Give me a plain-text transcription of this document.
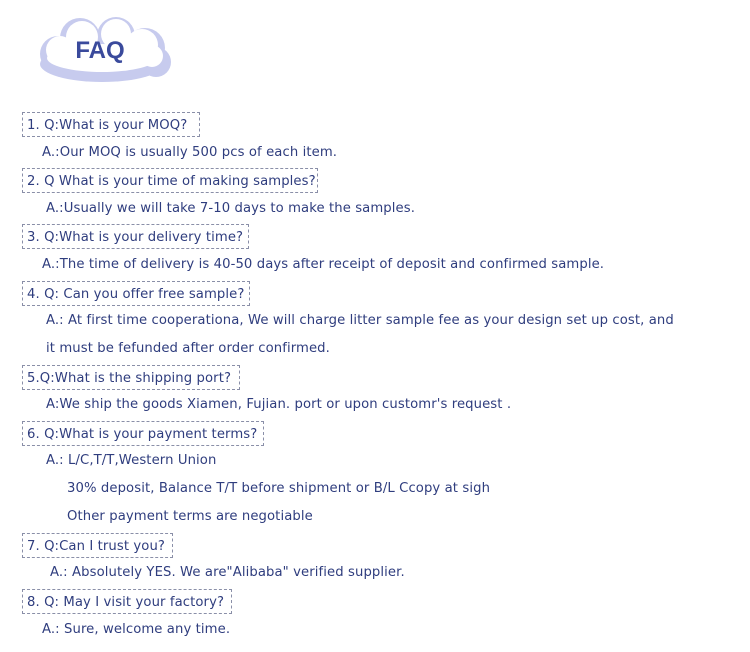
FAQ
1. Q:What is your MOQ?
A.:Our MOQ is usually 500 pcs of each item.
2. Q What is your time of making samples?
A.:Usually we will take 7-10 days to make the samples.
3. Q:What is your delivery time?
A.:The time of delivery is 40-50 days after receipt of deposit and confirmed sample.
4. Q: Can you offer free sample?
A.: At first time cooperationa, We will charge litter sample fee as your design set up cost, and
it must be fefunded after order confirmed.
5.Q:What is the shipping port?
A:We ship the goods Xiamen, Fujian. port or upon customr's request .
6. Q:What is your payment terms?
A.: L/C,T/T,Western Union
30% deposit, Balance T/T before shipment or B/L Ccopy at sigh
Other payment terms are negotiable
7. Q:Can I trust you?
A.: Absolutely YES. We are"Alibaba" verified supplier.
8. Q: May I visit your factory?
A.: Sure, welcome any time.
